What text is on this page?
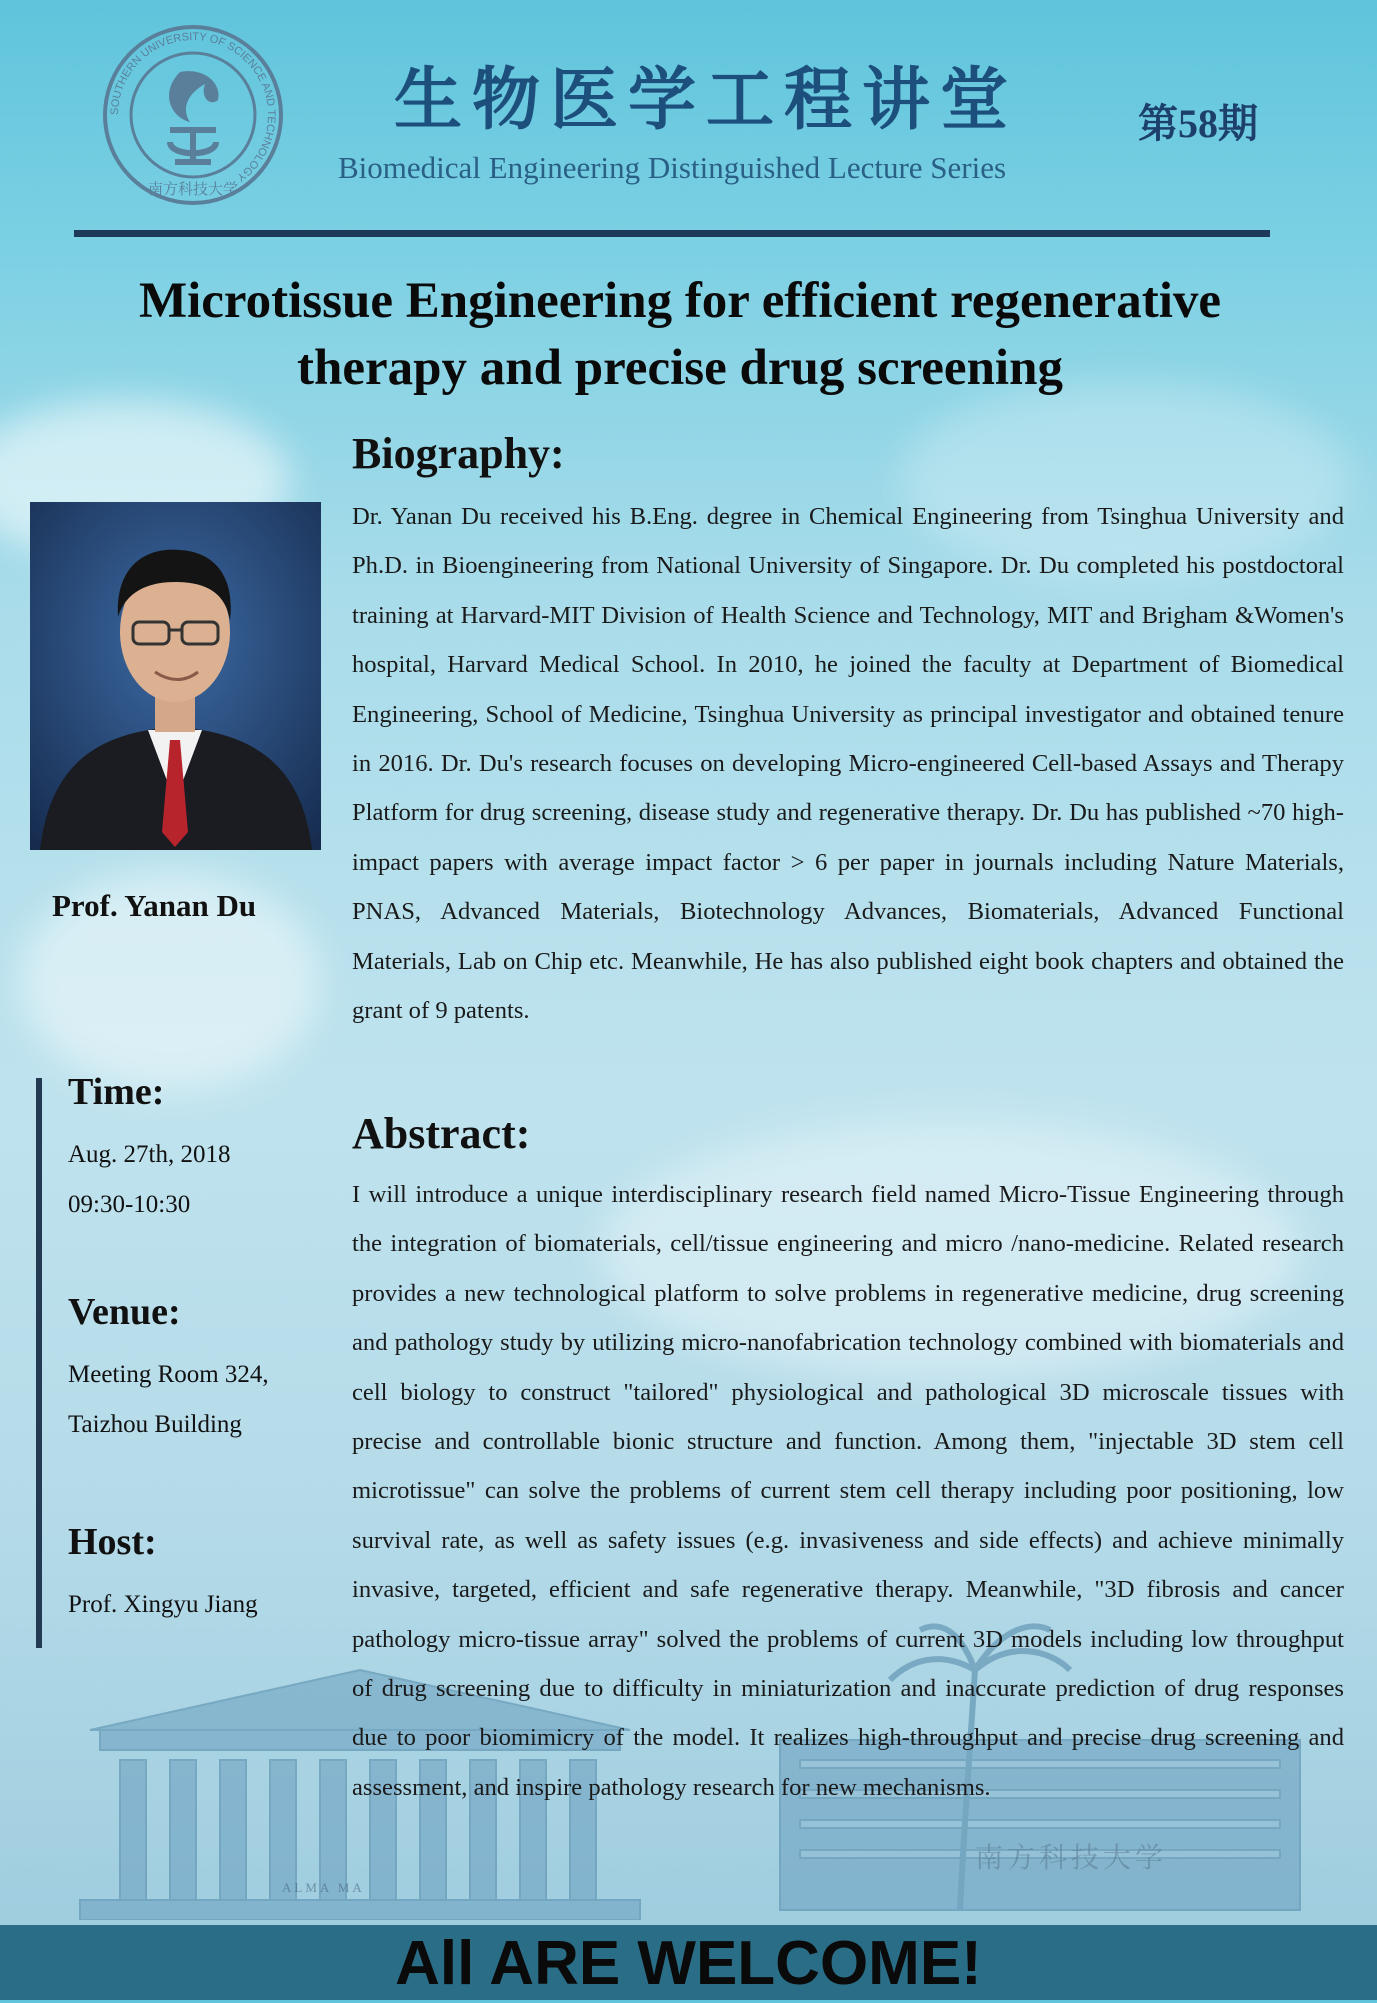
SOUTHERN UNIVERSITY OF SCIENCE AND TECHNOLOGY
南方科技大学
生物医学工程讲堂	第58期
Biomedical Engineering Distinguished Lecture Series
Microtissue Engineering for efficient regenerative
therapy and precise drug screening
Prof. Yanan Du
Time:
Aug. 27th, 2018
09:30-10:30
Venue:
Meeting Room 324,
Taizhou Building
Host:
Prof. Xingyu Jiang
Biography:

Dr. Yanan Du received his B.Eng. degree in Chemical Engineering from Tsinghua University and Ph.D. in Bioengineering from National University of Singapore. Dr. Du completed his postdoctoral training at Harvard-MIT Division of Health Science and Technology, MIT and Brigham &Women's hospital, Harvard Medical School. In 2010, he joined the faculty at Department of Biomedical Engineering, School of Medicine, Tsinghua University as principal investigator and obtained tenure in 2016. Dr. Du's research focuses on developing Micro-engineered Cell-based Assays and Therapy Platform for drug screening, disease study and regenerative therapy. Dr. Du has published ~70 high-impact papers with average impact factor > 6 per paper in journals including Nature Materials, PNAS, Advanced Materials, Biotechnology Advances, Biomaterials, Advanced Functional Materials, Lab on Chip etc. Meanwhile, He has also published eight book chapters and obtained the grant of 9 patents.

Abstract:

I will introduce a unique interdisciplinary research field named Micro-Tissue Engineering through the integration of biomaterials, cell/tissue engineering and micro /nano-medicine. Related research provides a new technological platform to solve problems in regenerative medicine, drug screening and pathology study by utilizing micro-nanofabrication technology combined with biomaterials and cell biology to construct "tailored" physiological and pathological 3D microscale tissues with precise and controllable bionic structure and function. Among them, "injectable 3D stem cell microtissue" can solve the problems of current stem cell therapy including poor positioning, low survival rate, as well as safety issues (e.g. invasiveness and side effects) and achieve minimally invasive, targeted, efficient and safe regenerative therapy. Meanwhile, "3D fibrosis and cancer pathology micro-tissue array" solved the problems of current 3D models including low throughput of drug screening due to difficulty in miniaturization and inaccurate prediction of drug responses due to poor biomimicry of the model. It realizes high-throughput and precise drug screening and assessment, and inspire pathology research for new mechanisms.

南方科技大学
ALMA MA
All ARE WELCOME!
